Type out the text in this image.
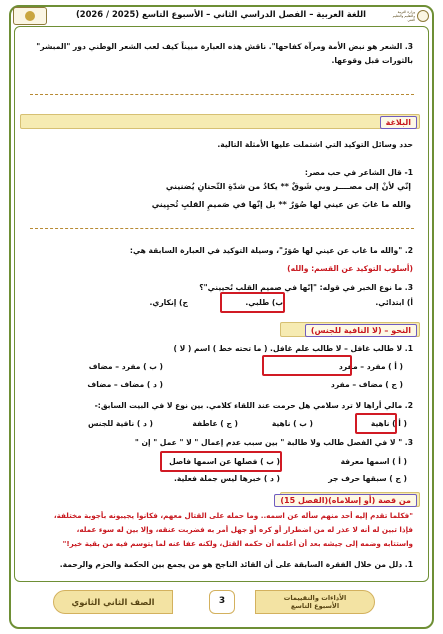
اللغة العربية – الفصل الدراسي الثاني – الأسبوع التاسع (2025 / 2026)	وزارة التربية والتعليم والتعليم الفني
3. الشعر هو نبض الأمة ومرآة كفاحها". ناقش هذه العبارة مبيناً كيف لعب الشعر الوطني دور "المبشر"
بالثورات قبل وقوعها.
البلاغة
حدد وسائل التوكيد التي اشتملت عليها الأمثلة التالية.
1- قال الشاعر في حب مصر:
إنّي لأنْ إلى مصــــر وبي شَوقٌ ** يكادُ من شدّةِ التّحنانِ يُضنيني
والله ما غابَ عن عيني لها صُوَرٌ ** بل إنّها في صَميمِ القلبِ تُحيِيني
2. "والله ما غاب عن عيني لها صُوَرٌ"، وسيلة التوكيد في العبارة السابقة هي:
(أسلوب التوكيد عن القسم: والله)
3. ما نوع الخبر في قوله: "إنّها في صميم القلب تُحييني"؟
أ) ابتدائي.
ب) طلبي.
ج) إنكاري.
النحو – (لا النافية للجنس)
1. لا طالب غافل – لا طالب علم غافل. ( ما تحته خط ) اسم ( لا )
( أ ) مفرد – مفرد
( ب ) مفرد – مضاف
( ج ) مضاف – مفرد
( د ) مضاف – مضاف
2. مالي أراها لا ترد سلامي هل حرمت عند اللقاء كلامي. بين نوع لا في البيت السابق:-
( أ ) ناهية
( ب ) ناهية
( ج ) عاطفة
( د ) نافية للجنس
3. " لا في الفصل طالب ولا طالبة " بين سبب عدم إعمال " لا " عمل " إن "
( أ ) اسمها معرفة
( ب ) فصلها عن اسمها فاصل
( ج ) سبقها حرف جر
( د ) خبرها ليس جملة فعلية.
من قصة (أو إسلاماه)(الفصل 15)
"فكلما تقدم إليه أحد منهم سأله عن اسمه.. وما حمله على القتال معهم، فكانوا يجيبونه بأجوبة مختلفة،
فإذا تبين له أنه لا عذر له من اضطرار أو كره أو جهل أمر به فضربت عنقه، وإلا بين له سوء عمله،
واستتابه وضمه إلى جيشه بعد أن أعلمه أن حكمه القتل، ولكنه عفا عنه لما يتوسم فيه من بقية خير!"
1. دلل من خلال الفقرة السابقة على أن القائد الناجح هو من يجمع بين الحكمة والحزم والرحمة.
الصف الثاني الثانوي	3	الأداءات والتقييمات
الأسبوع التاسع
